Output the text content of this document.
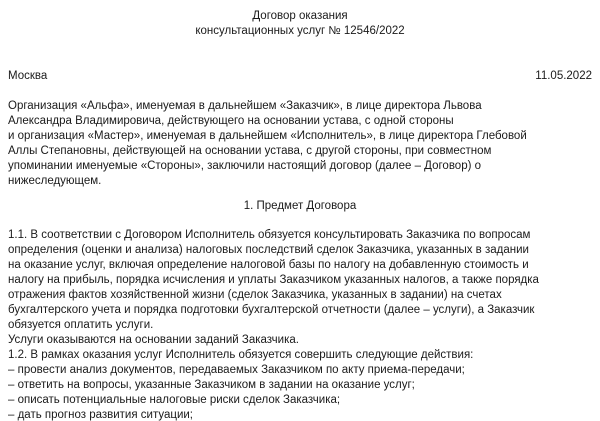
Договор оказания
консультационных услуг № 12546/2022
Москва	11.05.2022
Организация «Альфа», именуемая в дальнейшем «Заказчик», в лице директора Львова
Александра Владимировича, действующего на основании устава, с одной стороны
и организация «Мастер», именуемая в дальнейшем «Исполнитель», в лице директора Глебовой
Аллы Степановны, действующей на основании устава, с другой стороны, при совместном
упоминании именуемые «Стороны», заключили настоящий договор (далее – Договор) о
нижеследующем.
1. Предмет Договора
1.1. В соответствии с Договором Исполнитель обязуется консультировать Заказчика по вопросам
определения (оценки и анализа) налоговых последствий сделок Заказчика, указанных в задании
на оказание услуг, включая определение налоговой базы по налогу на добавленную стоимость и
налогу на прибыль, порядка исчисления и уплаты Заказчиком указанных налогов, а также порядка
отражения фактов хозяйственной жизни (сделок Заказчика, указанных в задании) на счетах
бухгалтерского учета и порядка подготовки бухгалтерской отчетности (далее – услуги), а Заказчик
обязуется оплатить услуги.
Услуги оказываются на основании заданий Заказчика.
1.2. В рамках оказания услуг Исполнитель обязуется совершить следующие действия:
– провести анализ документов, передаваемых Заказчиком по акту приема-передачи;
– ответить на вопросы, указанные Заказчиком в задании на оказание услуг;
– описать потенциальные налоговые риски сделок Заказчика;
– дать прогноз развития ситуации;
